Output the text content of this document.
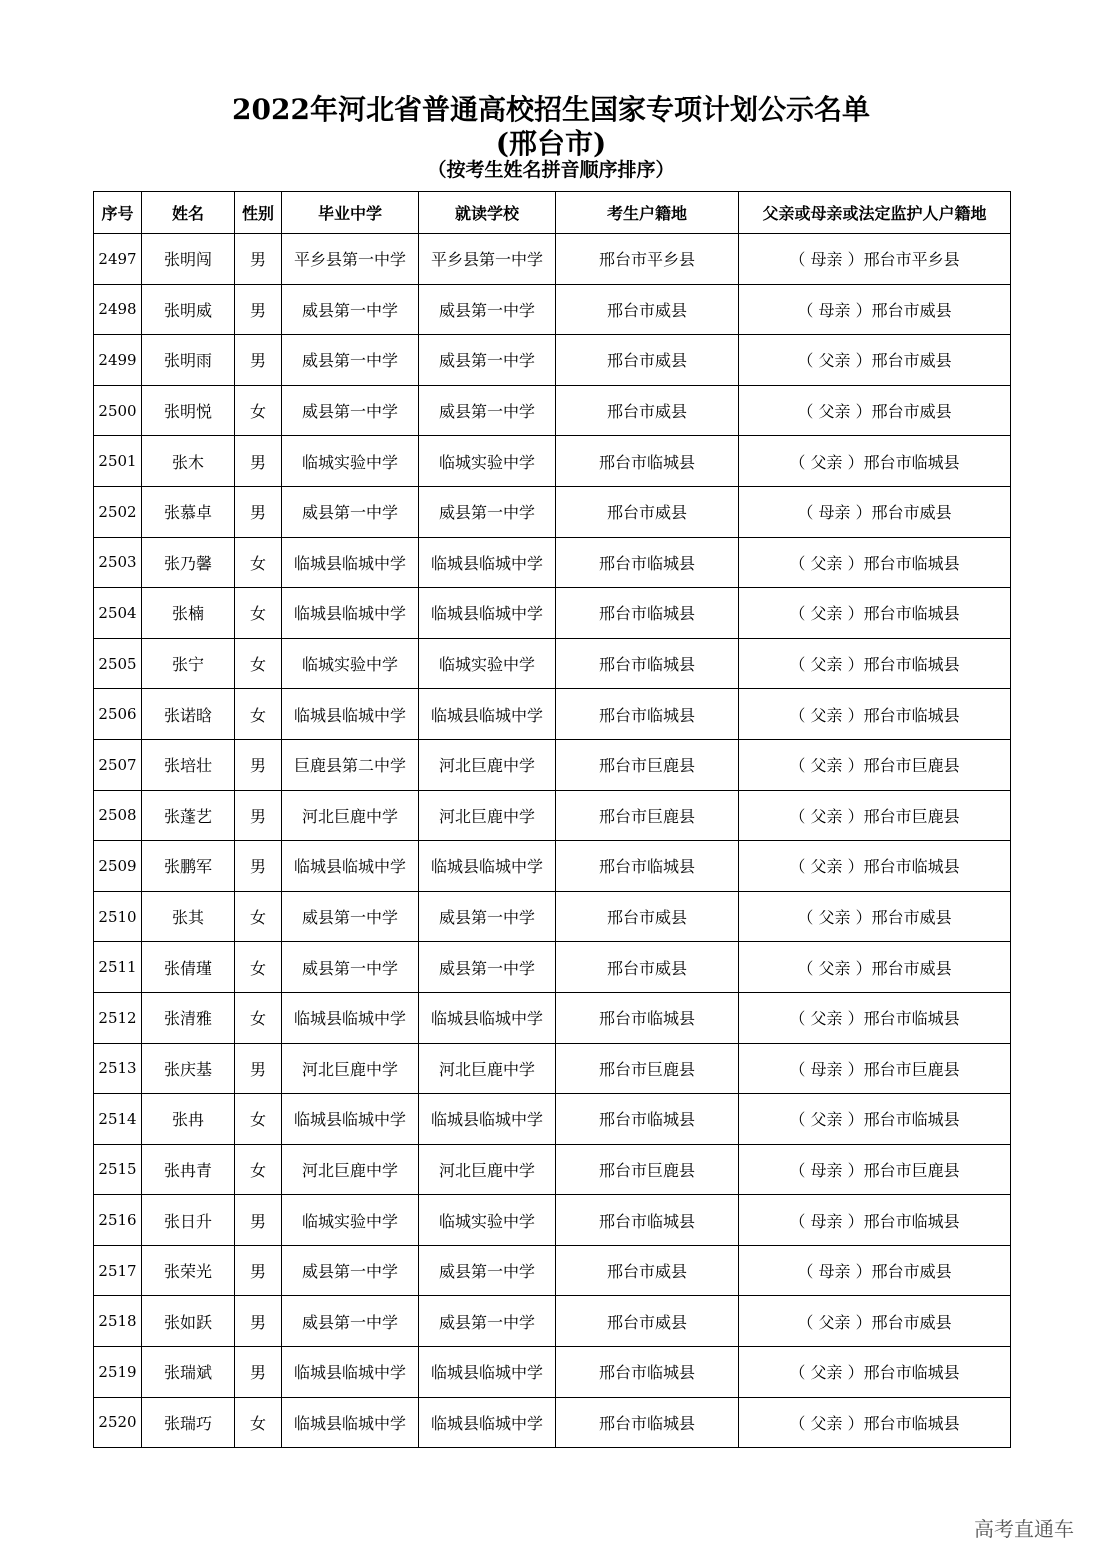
2022年河北省普通高校招生国家专项计划公示名单
(邢台市)
（按考生姓名拼音顺序排序）
序号	姓名	性别	毕业中学	就读学校	考生户籍地	父亲或母亲或法定监护人户籍地
2497	张明闯	男	平乡县第一中学	平乡县第一中学	邢台市平乡县	（ 母亲 ）邢台市平乡县
2498	张明威	男	威县第一中学	威县第一中学	邢台市威县	（ 母亲 ）邢台市威县
2499	张明雨	男	威县第一中学	威县第一中学	邢台市威县	（ 父亲 ）邢台市威县
2500	张明悦	女	威县第一中学	威县第一中学	邢台市威县	（ 父亲 ）邢台市威县
2501	张木	男	临城实验中学	临城实验中学	邢台市临城县	（ 父亲 ）邢台市临城县
2502	张慕卓	男	威县第一中学	威县第一中学	邢台市威县	（ 母亲 ）邢台市威县
2503	张乃馨	女	临城县临城中学	临城县临城中学	邢台市临城县	（ 父亲 ）邢台市临城县
2504	张楠	女	临城县临城中学	临城县临城中学	邢台市临城县	（ 父亲 ）邢台市临城县
2505	张宁	女	临城实验中学	临城实验中学	邢台市临城县	（ 父亲 ）邢台市临城县
2506	张诺晗	女	临城县临城中学	临城县临城中学	邢台市临城县	（ 父亲 ）邢台市临城县
2507	张培壮	男	巨鹿县第二中学	河北巨鹿中学	邢台市巨鹿县	（ 父亲 ）邢台市巨鹿县
2508	张蓬艺	男	河北巨鹿中学	河北巨鹿中学	邢台市巨鹿县	（ 父亲 ）邢台市巨鹿县
2509	张鹏军	男	临城县临城中学	临城县临城中学	邢台市临城县	（ 父亲 ）邢台市临城县
2510	张其	女	威县第一中学	威县第一中学	邢台市威县	（ 父亲 ）邢台市威县
2511	张倩瑾	女	威县第一中学	威县第一中学	邢台市威县	（ 父亲 ）邢台市威县
2512	张清雅	女	临城县临城中学	临城县临城中学	邢台市临城县	（ 父亲 ）邢台市临城县
2513	张庆基	男	河北巨鹿中学	河北巨鹿中学	邢台市巨鹿县	（ 母亲 ）邢台市巨鹿县
2514	张冉	女	临城县临城中学	临城县临城中学	邢台市临城县	（ 父亲 ）邢台市临城县
2515	张冉青	女	河北巨鹿中学	河北巨鹿中学	邢台市巨鹿县	（ 母亲 ）邢台市巨鹿县
2516	张日升	男	临城实验中学	临城实验中学	邢台市临城县	（ 母亲 ）邢台市临城县
2517	张荣光	男	威县第一中学	威县第一中学	邢台市威县	（ 母亲 ）邢台市威县
2518	张如跃	男	威县第一中学	威县第一中学	邢台市威县	（ 父亲 ）邢台市威县
2519	张瑞斌	男	临城县临城中学	临城县临城中学	邢台市临城县	（ 父亲 ）邢台市临城县
2520	张瑞巧	女	临城县临城中学	临城县临城中学	邢台市临城县	（ 父亲 ）邢台市临城县
高考直通车
